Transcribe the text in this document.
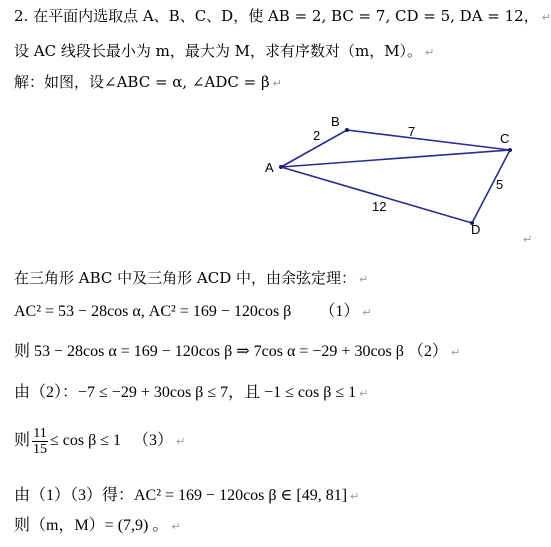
2. 在平面内选取点 A、B、C、D，使 AB = 2, BC = 7, CD = 5, DA = 12， ↵
设 AC 线段长最小为 m，最大为 M，求有序数对（m，M）。 ↵
解：如图，设∠ABC = α, ∠ADC = β ↵
A
B
C
D
2	7
5
12
↵
在三角形 ABC 中及三角形 ACD 中，由余弦定理： ↵
AC² = 53 − 28cos α, AC² = 169 − 120cos β （1） ↵
则 53 − 28cos α = 169 − 120cos β ⇒ 7cos α = −29 + 30cos β （2） ↵
由（2）：−7 ≤ −29 + 30cos β ≤ 7，且 −1 ≤ cos β ≤ 1 ↵
则 $\frac{11}{15} \le \cos \beta \le 1$ （3） ↵
由（1）（3）得：AC² = 169 − 120cos β ∈ [49, 81] ↵
则（m，M）= (7,9) 。 ↵
